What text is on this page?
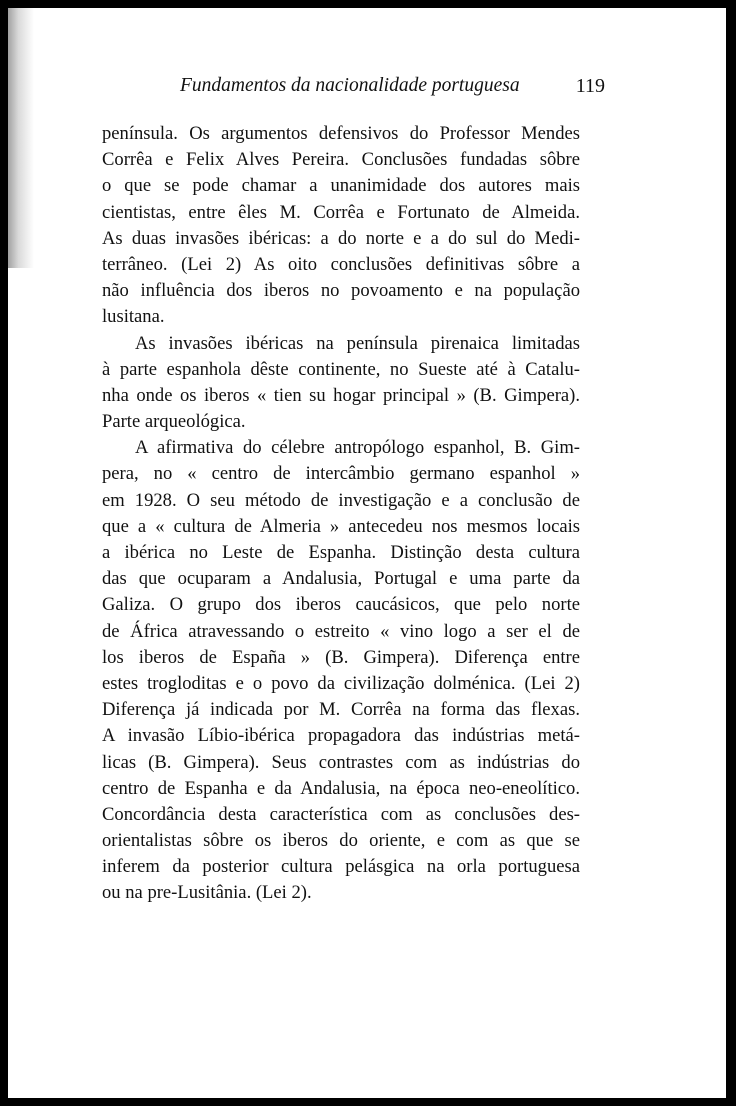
Fundamentos da nacionalidade portuguesa	119
península. Os argumentos defensivos do Professor Mendes
Corrêa e Felix Alves Pereira. Conclusões fundadas sôbre
o que se pode chamar a unanimidade dos autores mais
cientistas, entre êles M. Corrêa e Fortunato de Almeida.
As duas invasões ibéricas: a do norte e a do sul do Medi-
terrâneo. (Lei 2) As oito conclusões definitivas sôbre a
não influência dos iberos no povoamento e na população
lusitana.
As invasões ibéricas na península pirenaica limitadas
à parte espanhola dêste continente, no Sueste até à Catalu-
nha onde os iberos « tien su hogar principal » (B. Gimpera).
Parte arqueológica.
A afirmativa do célebre antropólogo espanhol, B. Gim-
pera, no « centro de intercâmbio germano espanhol »
em 1928. O seu método de investigação e a conclusão de
que a « cultura de Almeria » antecedeu nos mesmos locais
a ibérica no Leste de Espanha. Distinção desta cultura
das que ocuparam a Andalusia, Portugal e uma parte da
Galiza. O grupo dos iberos caucásicos, que pelo norte
de África atravessando o estreito « vino logo a ser el de
los iberos de España » (B. Gimpera). Diferença entre
estes trogloditas e o povo da civilização dolménica. (Lei 2)
Diferença já indicada por M. Corrêa na forma das flexas.
A invasão Líbio-ibérica propagadora das indústrias metá-
licas (B. Gimpera). Seus contrastes com as indústrias do
centro de Espanha e da Andalusia, na época neo-eneolítico.
Concordância desta característica com as conclusões des-
orientalistas sôbre os iberos do oriente, e com as que se
inferem da posterior cultura pelásgica na orla portuguesa
ou na pre-Lusitânia. (Lei 2).
